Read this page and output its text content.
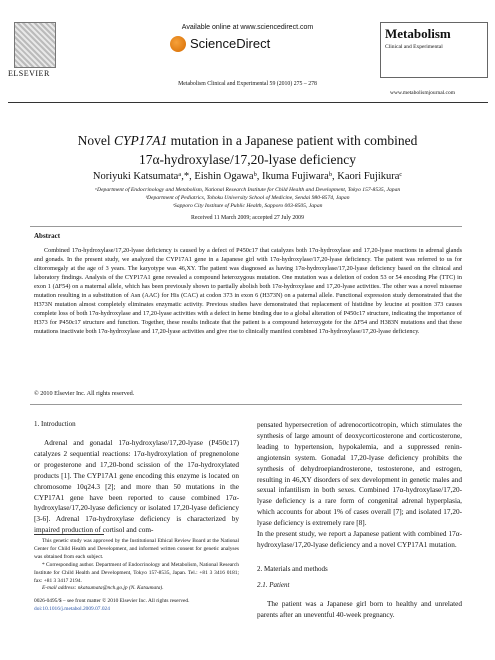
ELSEVIER
Available online at www.sciencedirect.com
ScienceDirect
Metabolism Clinical and Experimental 59 (2010) 275 – 278
Metabolism
Clinical and Experimental
www.metabolismjournal.com
Novel CYP17A1 mutation in a Japanese patient with combined
17α-hydroxylase/17,20-lyase deficiency
Noriyuki Katsumataᵃ,*, Eishin Ogawaᵇ, Ikuma Fujiwaraᵇ, Kaori Fujikuraᶜ
ᵃDepartment of Endocrinology and Metabolism, National Research Institute for Child Health and Development, Tokyo 157-8535, Japan
ᵇDepartment of Pediatrics, Tohoku University School of Medicine, Sendai 980-8574, Japan
ᶜSapporo City Institute of Public Health, Sapporo 003-8505, Japan
Received 11 March 2009; accepted 27 July 2009
Abstract
Combined 17α-hydroxylase/17,20-lyase deficiency is caused by a defect of P450c17 that catalyzes both 17α-hydroxylase and 17,20-lyase reactions in adrenal glands and gonads. In the present study, we analyzed the CYP17A1 gene in a Japanese girl with 17α-hydroxylase/17,20-lyase deficiency. The patient was referred to us for clitoromegaly at the age of 3 years. The karyotype was 46,XY. The patient was diagnosed as having 17α-hydroxylase/17,20-lyase deficiency based on the clinical and laboratory findings. Analysis of the CYP17A1 gene revealed a compound heterozygous mutation. One mutation was a deletion of codon 53 or 54 encoding Phe (TTC) in exon 1 (ΔF54) on a maternal allele, which has been previously shown to partially abolish both 17α-hydroxylase and 17,20-lyase activities. The other was a novel missense mutation resulting in a substitution of Asn (AAC) for His (CAC) at codon 373 in exon 6 (H373N) on a paternal allele. Functional expression study demonstrated that the H373N mutation almost completely eliminates enzymatic activity. Previous studies have demonstrated that replacement of histidine by leucine at position 373 causes complete loss of both 17α-hydroxylase and 17,20-lyase activities with a defect in heme binding due to a global alteration of P450c17 structure, indicating the importance of H373 for P450c17 structure and function. Together, these results indicate that the patient is a compound heterozygote for the ΔF54 and H383N mutations and that these mutations inactivate both 17α-hydroxylase and 17,20-lyase activities and give rise to clinically manifest combined 17α-hydroxylase/17,20-lyase deficiency.
© 2010 Elsevier Inc. All rights reserved.
1. Introduction
Adrenal and gonadal 17α-hydroxylase/17,20-lyase (P450c17) catalyzes 2 sequential reactions: 17α-hydroxylation of pregnenolone or progesterone and 17,20-bond scission of the 17α-hydroxylated products [1]. The CYP17A1 gene encoding this enzyme is located on chromosome 10q24.3 [2]; and more than 50 mutations in the CYP17A1 gene have been reported to cause combined 17α-hydroxylase/17,20-lyase deficiency or isolated 17,20-lyase deficiency [3-6]. Adrenal 17α-hydroxylase deficiency is characterized by impaired production of cortisol and com-
This genetic study was approved by the Institutional Ethical Review Board at the National Center for Child Health and Development, and informed written consent for genetic analyses was obtained from each subject.
* Corresponding author. Department of Endocrinology and Metabolism, National Research Institute for Child Health and Development, Tokyo 157-8535, Japan. Tel.: +81 3 3416 0181; fax: +81 3 3417 2194.
E-mail address: nkatsumata@nch.go.jp (N. Katsumata).
0026-0495/$ – see front matter © 2010 Elsevier Inc. All rights reserved.
doi:10.1016/j.metabol.2009.07.024
pensated hypersecretion of adrenocorticotropin, which stimulates the synthesis of large amount of deoxycorticosterone and corticosterone, leading to hypertension, hypokalemia, and a suppressed renin-angiotensin system. Gonadal 17,20-lyase deficiency prohibits the synthesis of dehydroepiandrosterone, testosterone, and estrogen, resulting in 46,XY disorders of sex development in genetic males and sexual infantilism in both sexes. Combined 17α-hydroxylase/17,20-lyase deficiency is a rare form of congenital adrenal hyperplasia, which accounts for about 1% of cases overall [7]; and isolated 17,20-lyase deficiency is extremely rare [8].
In the present study, we report a Japanese patient with combined 17α-hydroxylase/17,20-lyase deficiency and a novel CYP17A1 mutation.
2. Materials and methods
2.1. Patient
The patient was a Japanese girl born to healthy and unrelated parents after an uneventful 40-week pregnancy.
